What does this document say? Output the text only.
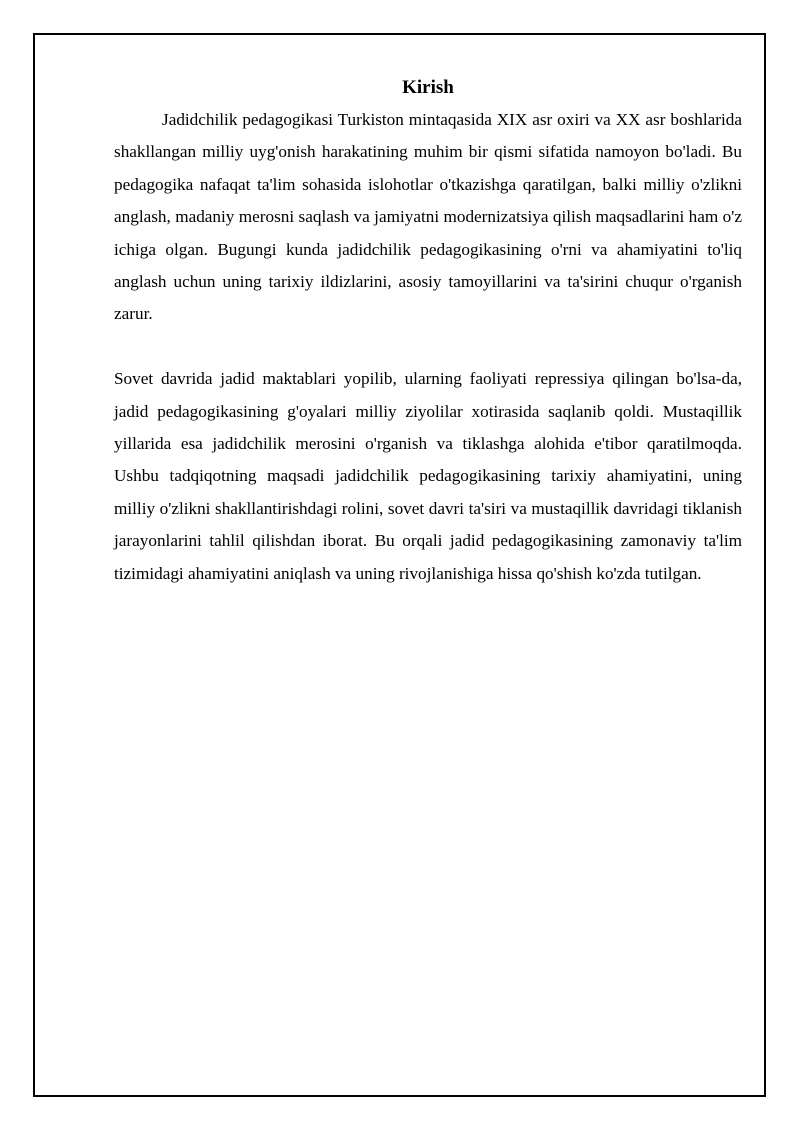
Kirish

Jadidchilik pedagogikasi Turkiston mintaqasida XIX asr oxiri va XX asr boshlarida shakllangan milliy uyg'onish harakatining muhim bir qismi sifatida namoyon bo'ladi. Bu pedagogika nafaqat ta'lim sohasida islohotlar o'tkazishga qaratilgan, balki milliy o'zlikni anglash, madaniy merosni saqlash va jamiyatni modernizatsiya qilish maqsadlarini ham o'z ichiga olgan. Bugungi kunda jadidchilik pedagogikasining o'rni va ahamiyatini to'liq anglash uchun uning tarixiy ildizlarini, asosiy tamoyillarini va ta'sirini chuqur o'rganish zarur.

Sovet davrida jadid maktablari yopilib, ularning faoliyati repressiya qilingan bo'lsa-da, jadid pedagogikasining g'oyalari milliy ziyolilar xotirasida saqlanib qoldi. Mustaqillik yillarida esa jadidchilik merosini o'rganish va tiklashga alohida e'tibor qaratilmoqda. Ushbu tadqiqotning maqsadi jadidchilik pedagogikasining tarixiy ahamiyatini, uning milliy o'zlikni shakllantirishdagi rolini, sovet davri ta'siri va mustaqillik davridagi tiklanish jarayonlarini tahlil qilishdan iborat. Bu orqali jadid pedagogikasining zamonaviy ta'lim tizimidagi ahamiyatini aniqlash va uning rivojlanishiga hissa qo'shish ko'zda tutilgan.
